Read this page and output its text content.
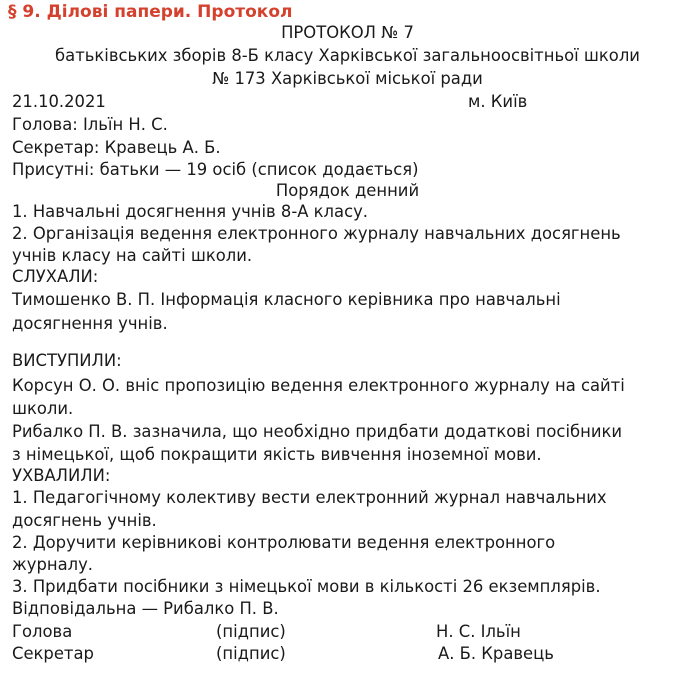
§ 9. Ділові папери. Протокол
ПРОТОКОЛ № 7
батьківських зборів 8-Б класу Харківської загальноосвітньої школи
№ 173 Харківської міської ради
21.10.2021	м. Київ
Голова: Ільїн Н. С.
Секретар: Кравець А. Б.
Присутні: батьки — 19 осіб (список додається)
Порядок денний
1. Навчальні досягнення учнів 8-А класу.
2. Організація ведення електронного журналу навчальних досягнень
учнів класу на сайті школи.
СЛУХАЛИ:
Тимошенко В. П. Інформація класного керівника про навчальні
досягнення учнів.
ВИСТУПИЛИ:
Корсун О. О. вніс пропозицію ведення електронного журналу на сайті
школи.
Рибалко П. В. зазначила, що необхідно придбати додаткові посібники
з німецької, щоб покращити якість вивчення іноземної мови.
УХВАЛИЛИ:
1. Педагогічному колективу вести електронний журнал навчальних
досягнень учнів.
2. Доручити керівникові контролювати ведення електронного
журналу.
3. Придбати посібники з німецької мови в кількості 26 екземплярів.
Відповідальна — Рибалко П. В.
Голова	(підпис)	Н. С. Ільїн
Секретар	(підпис)	А. Б. Кравець
